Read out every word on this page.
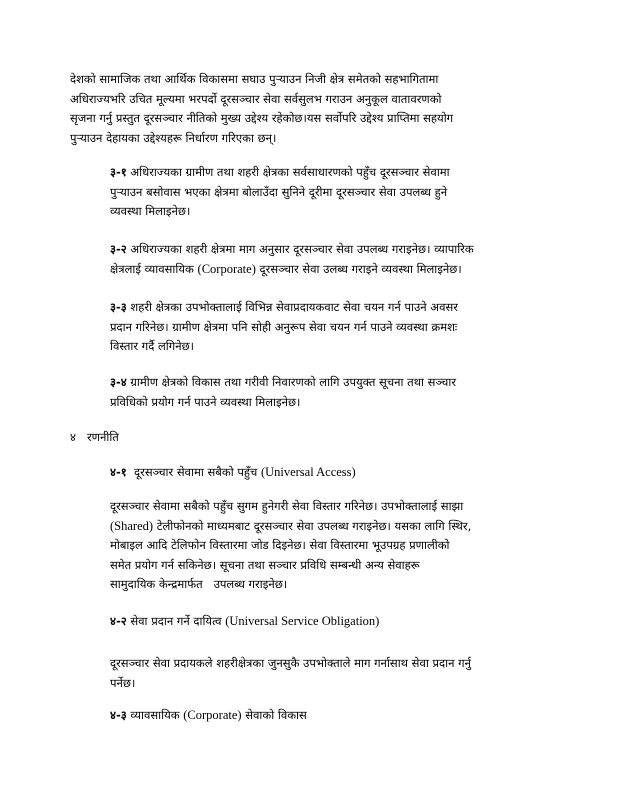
देशको सामाजिक तथा आर्थिक विकासमा सघाउ पुर्‍याउन निजी क्षेत्र समेतको सहभागितामा
अधिराज्यभरि उचित मूल्यमा भरपर्दो दूरसञ्चार सेवा सर्वसुलभ गराउन अनुकूल वातावरणको
सृजना गर्नु प्रस्तुत दूरसञ्चार नीतिको मुख्य उद्देश्य रहेकोछ।यस सर्वोपरि उद्देश्य प्राप्तिमा सहयोग
पुर्‍याउन देहायका उद्देश्यहरू निर्धारण गरिएका छन्।

३-१ अधिराज्यका ग्रामीण तथा शहरी क्षेत्रका सर्वसाधारणको पहुँच दूरसञ्चार सेवामा
पुर्‍याउन बसोवास भएका क्षेत्रमा बोलाउँदा सुनिने दूरीमा दूरसञ्चार सेवा उपलब्ध हुने
व्यवस्था मिलाइनेछ।

३-२ अधिराज्यका शहरी क्षेत्रमा माग अनुसार दूरसञ्चार सेवा उपलब्ध गराइनेछ। व्यापारिक
क्षेत्रलाई व्यावसायिक (Corporate) दूरसञ्चार सेवा उलब्ध गराइने व्यवस्था मिलाइनेछ।

३-३ शहरी क्षेत्रका उपभोक्तालाई विभिन्न सेवाप्रदायकवाट सेवा चयन गर्न पाउने अवसर
प्रदान गरिनेछ। ग्रामीण क्षेत्रमा पनि सोही अनुरूप सेवा चयन गर्न पाउने व्यवस्था क्रमशः
विस्तार गर्दै लगिनेछ।

३-४ ग्रामीण क्षेत्रको विकास तथा गरीवी निवारणको लागि उपयुक्त सूचना तथा सञ्चार
प्रविधिको प्रयोग गर्न पाउने व्यवस्था मिलाइनेछ।

४ रणनीति

४-१ दूरसञ्चार सेवामा सबैको पहुँच (Universal Access)

दूरसञ्चार सेवामा सबैको पहुँच सुगम हुनेगरी सेवा विस्तार गरिनेछ। उपभोक्तालाई साझा
(Shared) टेलीफोनको माध्यमबाट दूरसञ्चार सेवा उपलब्ध गराइनेछ। यसका लागि स्थिर,
मोबाइल आदि टेलिफोन विस्तारमा जोड दिइनेछ। सेवा विस्तारमा भूउपग्रह प्रणालीको
समेत प्रयोग गर्न सकिनेछ। सूचना तथा सञ्चार प्रविधि सम्बन्धी अन्य सेवाहरू
सामुदायिक केन्द्रमार्फत   उपलब्ध गराइनेछ।

४-२ सेवा प्रदान गर्ने दायित्व (Universal Service Obligation)

दूरसञ्चार सेवा प्रदायकले शहरीक्षेत्रका जुनसुकै उपभोक्ताले माग गर्नासाथ सेवा प्रदान गर्नु
पर्नेछ।

४-३ व्यावसायिक (Corporate) सेवाको विकास
